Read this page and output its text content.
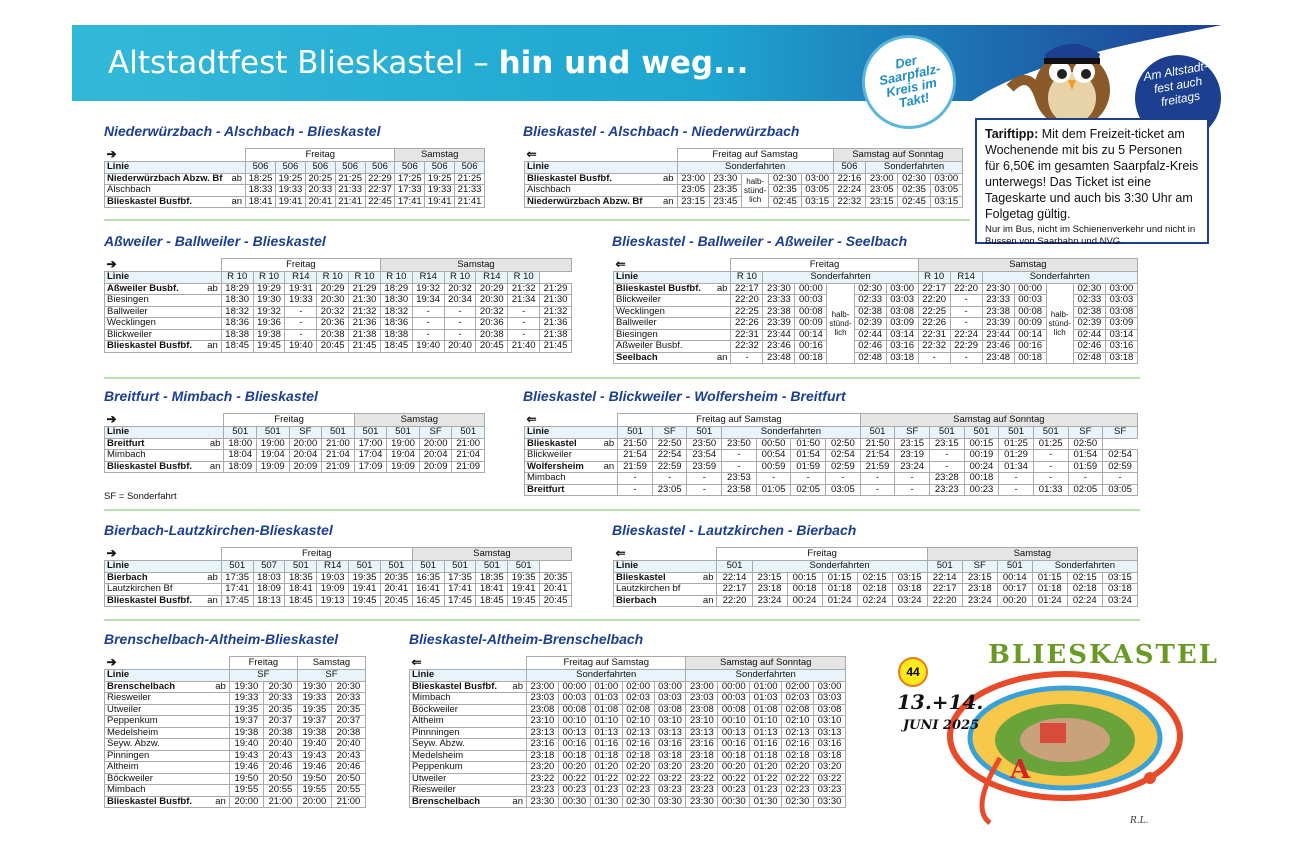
Altstadtfest Blieskastel – hin und weg...	Der Saarpfalz-Kreis im Takt!
Am Altstadt-fest auch freitags
Tariftipp: Mit dem Freizeit-ticket am Wochenende mit bis zu 5 Personen für 6,50€ im gesamten Saarpfalz-Kreis unterwegs! Das Ticket ist eine Tageskarte und auch bis 3:30 Uhr am Folgetag gültig.
Nur im Bus, nicht im Schienenverkehr und nicht in Bussen von Saarbahn und NVG.
Niederwürzbach - Alschbach - Blieskastel	Blieskastel - Alschbach - Niederwürzbach
Aßweiler - Ballweiler - Blieskastel	Blieskastel - Ballweiler - Aßweiler - Seelbach
Breitfurt - Mimbach - Blieskastel	Blieskastel - Blickweiler - Wolfersheim - Breitfurt
SF = Sonderfahrt
Bierbach-Lautzkirchen-Blieskastel	Blieskastel - Lautzkirchen - Bierbach
Brenschelbach-Altheim-Blieskastel	Blieskastel-Altheim-Brenschelbach
➔		Freitag					Samstag		
Linie		506	506	506	506	506	506	506	506
Niederwürzbach Abzw. Bf	ab	18:25	19:25	20:25	21:25	22:29	17:25	19:25	21:25
Alschbach		18:33	19:33	20:33	21:33	22:37	17:33	19:33	21:33
Blieskastel Busfbf.	an	18:41	19:41	20:41	21:41	22:45	17:41	19:41	21:41
⇐		Freitag auf Samstag					Samstag auf Sonntag			
Linie		Sonderfahrten					506	Sonderfahrten		
Blieskastel Busfbf.	ab	23:00	23:30	halb-stünd-lich	02:30	03:00	22:16	23:00	02:30	03:00
Alschbach		23:05	23:35		02:35	03:05	22:24	23:05	02:35	03:05
Niederwürzbach Abzw. Bf	an	23:15	23:45		02:45	03:15	22:32	23:15	02:45	03:15
➔		Freitag					Samstag					
Linie		R 10	R 10	R14	R 10	R 10	R 10	R14	R 10	R14	R 10	
Aßweiler Busbf.	ab	18:29	19:29	19:31	20:29	21:29	18:29	19:32	20:32	20:29	21:32	21:29
Biesingen		18:30	19:30	19:33	20:30	21:30	18:30	19:34	20:34	20:30	21:34	21:30
Ballweiler		18:32	19:32	-	20:32	21:32	18:32	-	-	20:32	-	21:32
Wecklingen		18:36	19:36	-	20:36	21:36	18:36	-	-	20:36	-	21:36
Blickweiler		18:38	19:38	-	20:38	21:38	18:38	-	-	20:38	-	21:38
Blieskastel Busfbf.	an	18:45	19:45	19:40	20:45	21:45	18:45	19:40	20:40	20:45	21:40	21:45
⇐		Freitag						Samstag						
Linie		R 10	Sonderfahrten					R 10	R14	Sonderfahrten				
Blieskastel Busfbf.	ab	22:17	23:30	00:00	halb-stünd-lich	02:30	03:00	22:17	22:20	23:30	00:00	halb-stünd-lich	02:30	03:00
Blickweiler		22:20	23:33	00:03		02:33	03:03	22:20	-	23:33	00:03		02:33	03:03
Wecklingen		22:25	23:38	00:08		02:38	03:08	22:25	-	23:38	00:08		02:38	03:08
Ballweiler		22:26	23:39	00:09		02:39	03:09	22:26	-	23:39	00:09		02:39	03:09
Biesingen		22:31	23:44	00:14		02:44	03:14	22:31	22:24	23:44	00:14		02:44	03:14
Aßweiler Busbf.		22:32	23:46	00:16		02:46	03:16	22:32	22:29	23:46	00:16		02:46	03:16
Seelbach	an	-	23:48	00:18		02:48	03:18	-	-	23:48	00:18		02:48	03:18
➔		Freitag				Samstag			
Linie		501	501	SF	501	501	501	SF	501
Breitfurt	ab	18:00	19:00	20:00	21:00	17:00	19:00	20:00	21:00
Mimbach		18:04	19:04	20:04	21:04	17:04	19:04	20:04	21:04
Blieskastel Busfbf.	an	18:09	19:09	20:09	21:09	17:09	19:09	20:09	21:09
⇐		Freitag auf Samstag							Samstag auf Sonntag							
Linie		501	SF	501	Sonderfahrten				501	SF	501	501	501	501	SF	SF
Blieskastel	ab	21:50	22:50	23:50	23:50	00:50	01:50	02:50	21:50	23:15	23:15	00:15	01:25	01:25	02:50	
Blickweiler		21:54	22:54	23:54	-	00:54	01:54	02:54	21:54	23:19	-	00:19	01:29	-	01:54	02:54
Wolfersheim	an	21:59	22:59	23:59	-	00:59	01:59	02:59	21:59	23:24	-	00:24	01:34	-	01:59	02:59
Mimbach		-	-	-	23:53	-	-	-	-	-	23:28	00:18	-	-	-	-
Breitfurt		-	23:05	-	23:58	01:05	02:05	03:05	-	-	23:23	00:23	-	01:33	02:05	03:05
➔		Freitag						Samstag				
Linie		501	507	501	R14	501	501	501	501	501	501	
Bierbach	ab	17:35	18:03	18:35	19:03	19:35	20:35	16:35	17:35	18:35	19:35	20:35
Lautzkirchen Bf		17:41	18:09	18:41	19:09	19:41	20:41	16:41	17:41	18:41	19:41	20:41
Blieskastel Busfbf.	an	17:45	18:13	18:45	19:13	19:45	20:45	16:45	17:45	18:45	19:45	20:45
⇐		Freitag						Samstag					
Linie		501	Sonderfahrten					501	SF	501	Sonderfahrten		
Blieskastel	ab	22:14	23:15	00:15	01:15	02:15	03:15	22:14	23:15	00:14	01:15	02:15	03:15
Lautzkirchen bf		22:17	23:18	00:18	01:18	02:18	03:18	22:17	23:18	00:17	01:18	02:18	03:18
Bierbach	an	22:20	23:24	00:24	01:24	02:24	03:24	22:20	23:24	00:20	01:24	02:24	03:24
➔		Freitag		Samstag	
Linie		SF		SF	
Brenschelbach	ab	19:30	20:30	19:30	20:30
Riesweiler		19:33	20:33	19:33	20:33
Utweiler		19:35	20:35	19:35	20:35
Peppenkum		19:37	20:37	19:37	20:37
Medelsheim		19:38	20:38	19:38	20:38
Seyw. Abzw.		19:40	20:40	19:40	20:40
Pinningen		19:43	20:43	19:43	20:43
Altheim		19:46	20:46	19:46	20:46
Böckweiler		19:50	20:50	19:50	20:50
Mimbach		19:55	20:55	19:55	20:55
Blieskastel Busfbf.	an	20:00	21:00	20:00	21:00
⇐		Freitag auf Samstag					Samstag auf Sonntag				
Linie		Sonderfahrten					Sonderfahrten				
Blieskastel Busfbf.	ab	23:00	00:00	01:00	02:00	03:00	23:00	00:00	01:00	02:00	03:00
Mimbach		23:03	00:03	01:03	02:03	03:03	23:03	00:03	01:03	02:03	03:03
Böckweiler		23:08	00:08	01:08	02:08	03:08	23:08	00:08	01:08	02:08	03:08
Altheim		23:10	00:10	01:10	02:10	03:10	23:10	00:10	01:10	02:10	03:10
Pinnningen		23:13	00:13	01:13	02:13	03:13	23:13	00:13	01:13	02:13	03:13
Seyw. Abzw.		23:16	00:16	01:16	02:16	03:16	23:16	00:16	01:16	02:16	03:16
Medelsheim		23:18	00:18	01:18	02:18	03:18	23:18	00:18	01:18	02:18	03:18
Peppenkum		23:20	00:20	01:20	02:20	03:20	23:20	00:20	01:20	02:20	03:20
Utweiler		23:22	00:22	01:22	02:22	03:22	23:22	00:22	01:22	02:22	03:22
Riesweiler		23:23	00:23	01:23	02:23	03:23	23:23	00:23	01:23	02:23	03:23
Brenschelbach	an	23:30	00:30	01:30	02:30	03:30	23:30	00:30	01:30	02:30	03:30
A
R.L.
BLIESKASTEL
44
13.+14.
JUNI 2025
